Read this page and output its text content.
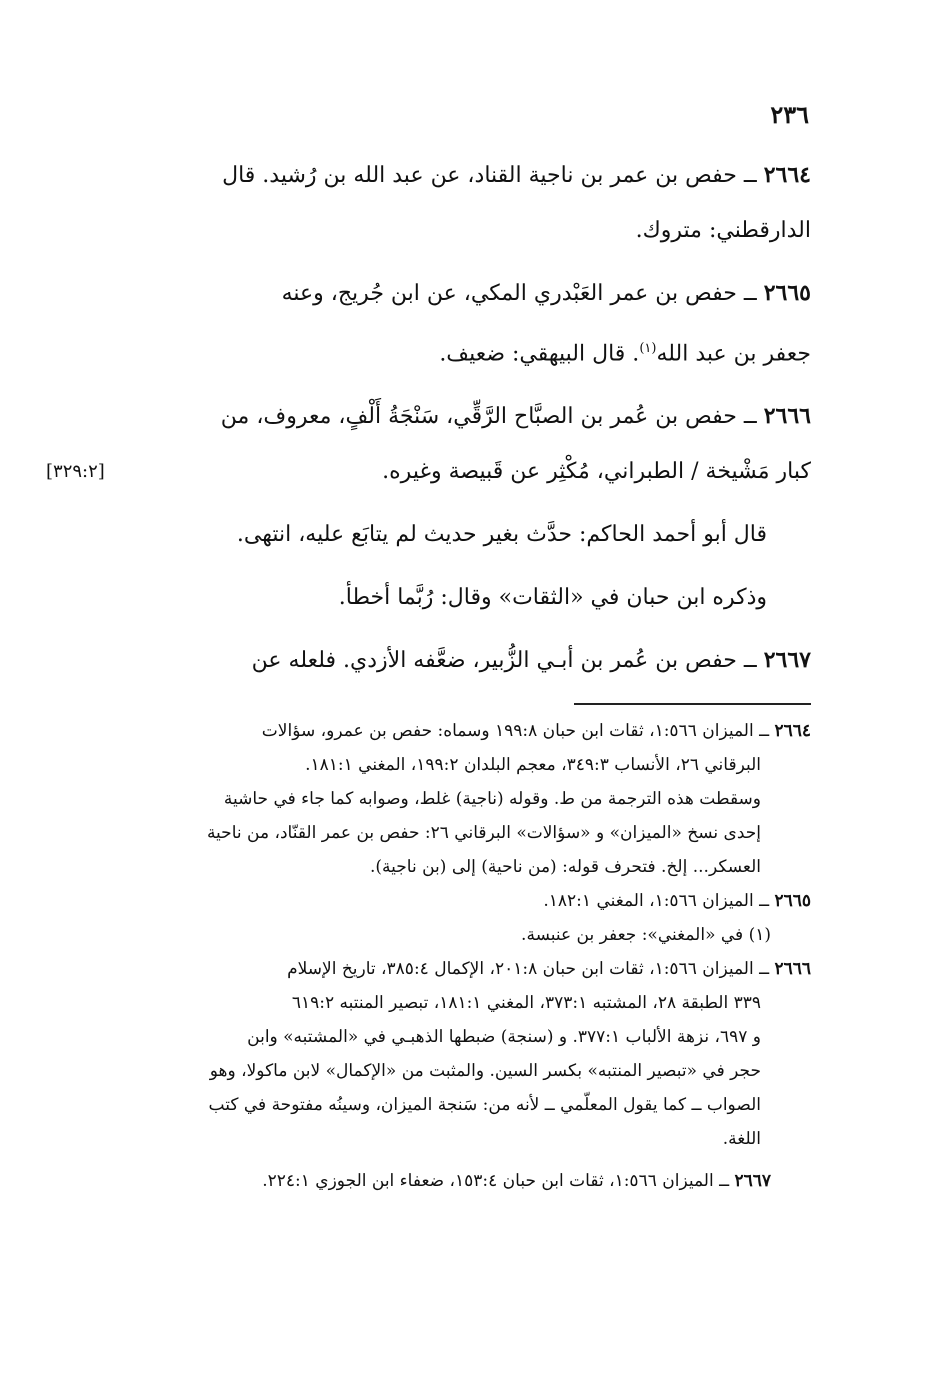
٢٣٦

٢٦٦٤ ــ حفص بن عمر بن ناجية القناد، عن عبد الله بن رُشيد. قال
الدارقطني: متروك.

٢٦٦٥ ــ حفص بن عمر العَبْدري المكي، عن ابن جُريج، وعنه
جعفر بن عبد الله$^{(١)}$. قال البيهقي: ضعيف.

٢٦٦٦ ــ حفص بن عُمر بن الصبَّاح الرَّقِّي، سَنْجَةُ أَلْفٍ، معروف، من
كبار مَشْيخة / الطبراني، مُكْثِر عن قَبيصة وغيره.
[٣٢٩:٢]

قال أبو أحمد الحاكم: حدَّث بغير حديث لم يتابَع عليه، انتهى.

وذكره ابن حبان في «الثقات» وقال: رُبَّما أخطأ.

٢٦٦٧ ــ حفص بن عُمر بن أبـي الزُّبير، ضعَّفه الأزدي. فلعله عن

٢٦٦٤ ــ الميزان ١:٥٦٦، ثقات ابن حبان ١٩٩:٨ وسماه: حفص بن عمرو، سؤالات

البرقاني ٢٦، الأنساب ٣٤٩:٣، معجم البلدان ١٩٩:٢، المغني ١٨١:١.

وسقطت هذه الترجمة من ط. وقوله (ناجية) غلط، وصوابه كما جاء في حاشية

إحدى نسخ «الميزان» و «سؤالات» البرقاني ٢٦: حفص بن عمر القنّاد، من ناحية

العسكر... إلخ. فتحرف قوله: (من ناحية) إلى (بن ناجية).

٢٦٦٥ ــ الميزان ١:٥٦٦، المغني ١٨٢:١.

(١) في «المغني»: جعفر بن عنبسة.

٢٦٦٦ ــ الميزان ١:٥٦٦، ثقات ابن حبان ٢٠١:٨، الإكمال ٣٨٥:٤، تاريخ الإسلام

٣٣٩ الطبقة ٢٨، المشتبه ٣٧٣:١، المغني ١٨١:١، تبصير المنتبه ٦١٩:٢

و ٦٩٧، نزهة الألباب ٣٧٧:١. و (سنجة) ضبطها الذهبـي في «المشتبه» وابن

حجر في «تبصير المنتبه» بكسر السين. والمثبت من «الإكمال» لابن ماكولا، وهو

الصواب ــ كما يقول المعلّمي ــ لأنه من: سَنجة الميزان، وسينُه مفتوحة في كتب

اللغة.

٢٦٦٧ ــ الميزان ١:٥٦٦، ثقات ابن حبان ١٥٣:٤، ضعفاء ابن الجوزي ٢٢٤:١.
